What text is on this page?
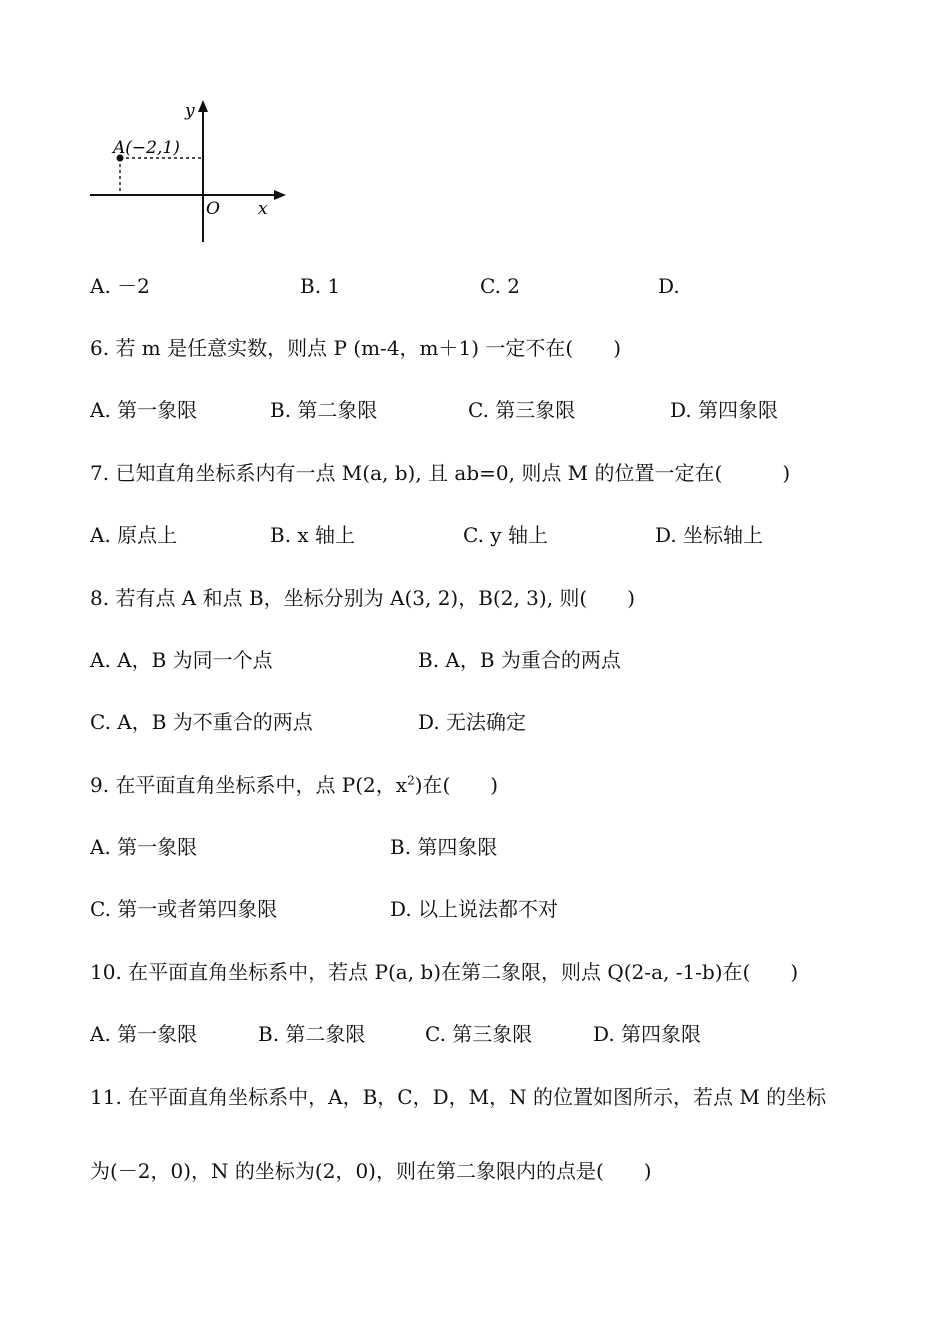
A(−2,1)
O x
y
A. －2	B. 1	C. 2	D.
6. 若 m 是任意实数，则点 P (m-4，m＋1) 一定不在(　　)
A. 第一象限	B. 第二象限	C. 第三象限	D. 第四象限
7. 已知直角坐标系内有一点 M(a, b), 且 ab=0, 则点 M 的位置一定在(　　　)
A. 原点上	B. x 轴上	C. y 轴上	D. 坐标轴上
8. 若有点 A 和点 B，坐标分别为 A(3, 2)，B(2, 3), 则(　　)
A. A，B 为同一个点	B. A，B 为重合的两点
C. A，B 为不重合的两点	D. 无法确定
9. 在平面直角坐标系中，点 P(2，$x^2$)在(　　)
A. 第一象限	B. 第四象限
C. 第一或者第四象限	D. 以上说法都不对
10. 在平面直角坐标系中，若点 P(a, b)在第二象限，则点 Q(2-a, -1-b)在(　　)
A. 第一象限	B. 第二象限	C. 第三象限	D. 第四象限
11. 在平面直角坐标系中，A，B，C，D，M，N 的位置如图所示，若点 M 的坐标
为(－2，0)，N 的坐标为(2，0)，则在第二象限内的点是(　　)
